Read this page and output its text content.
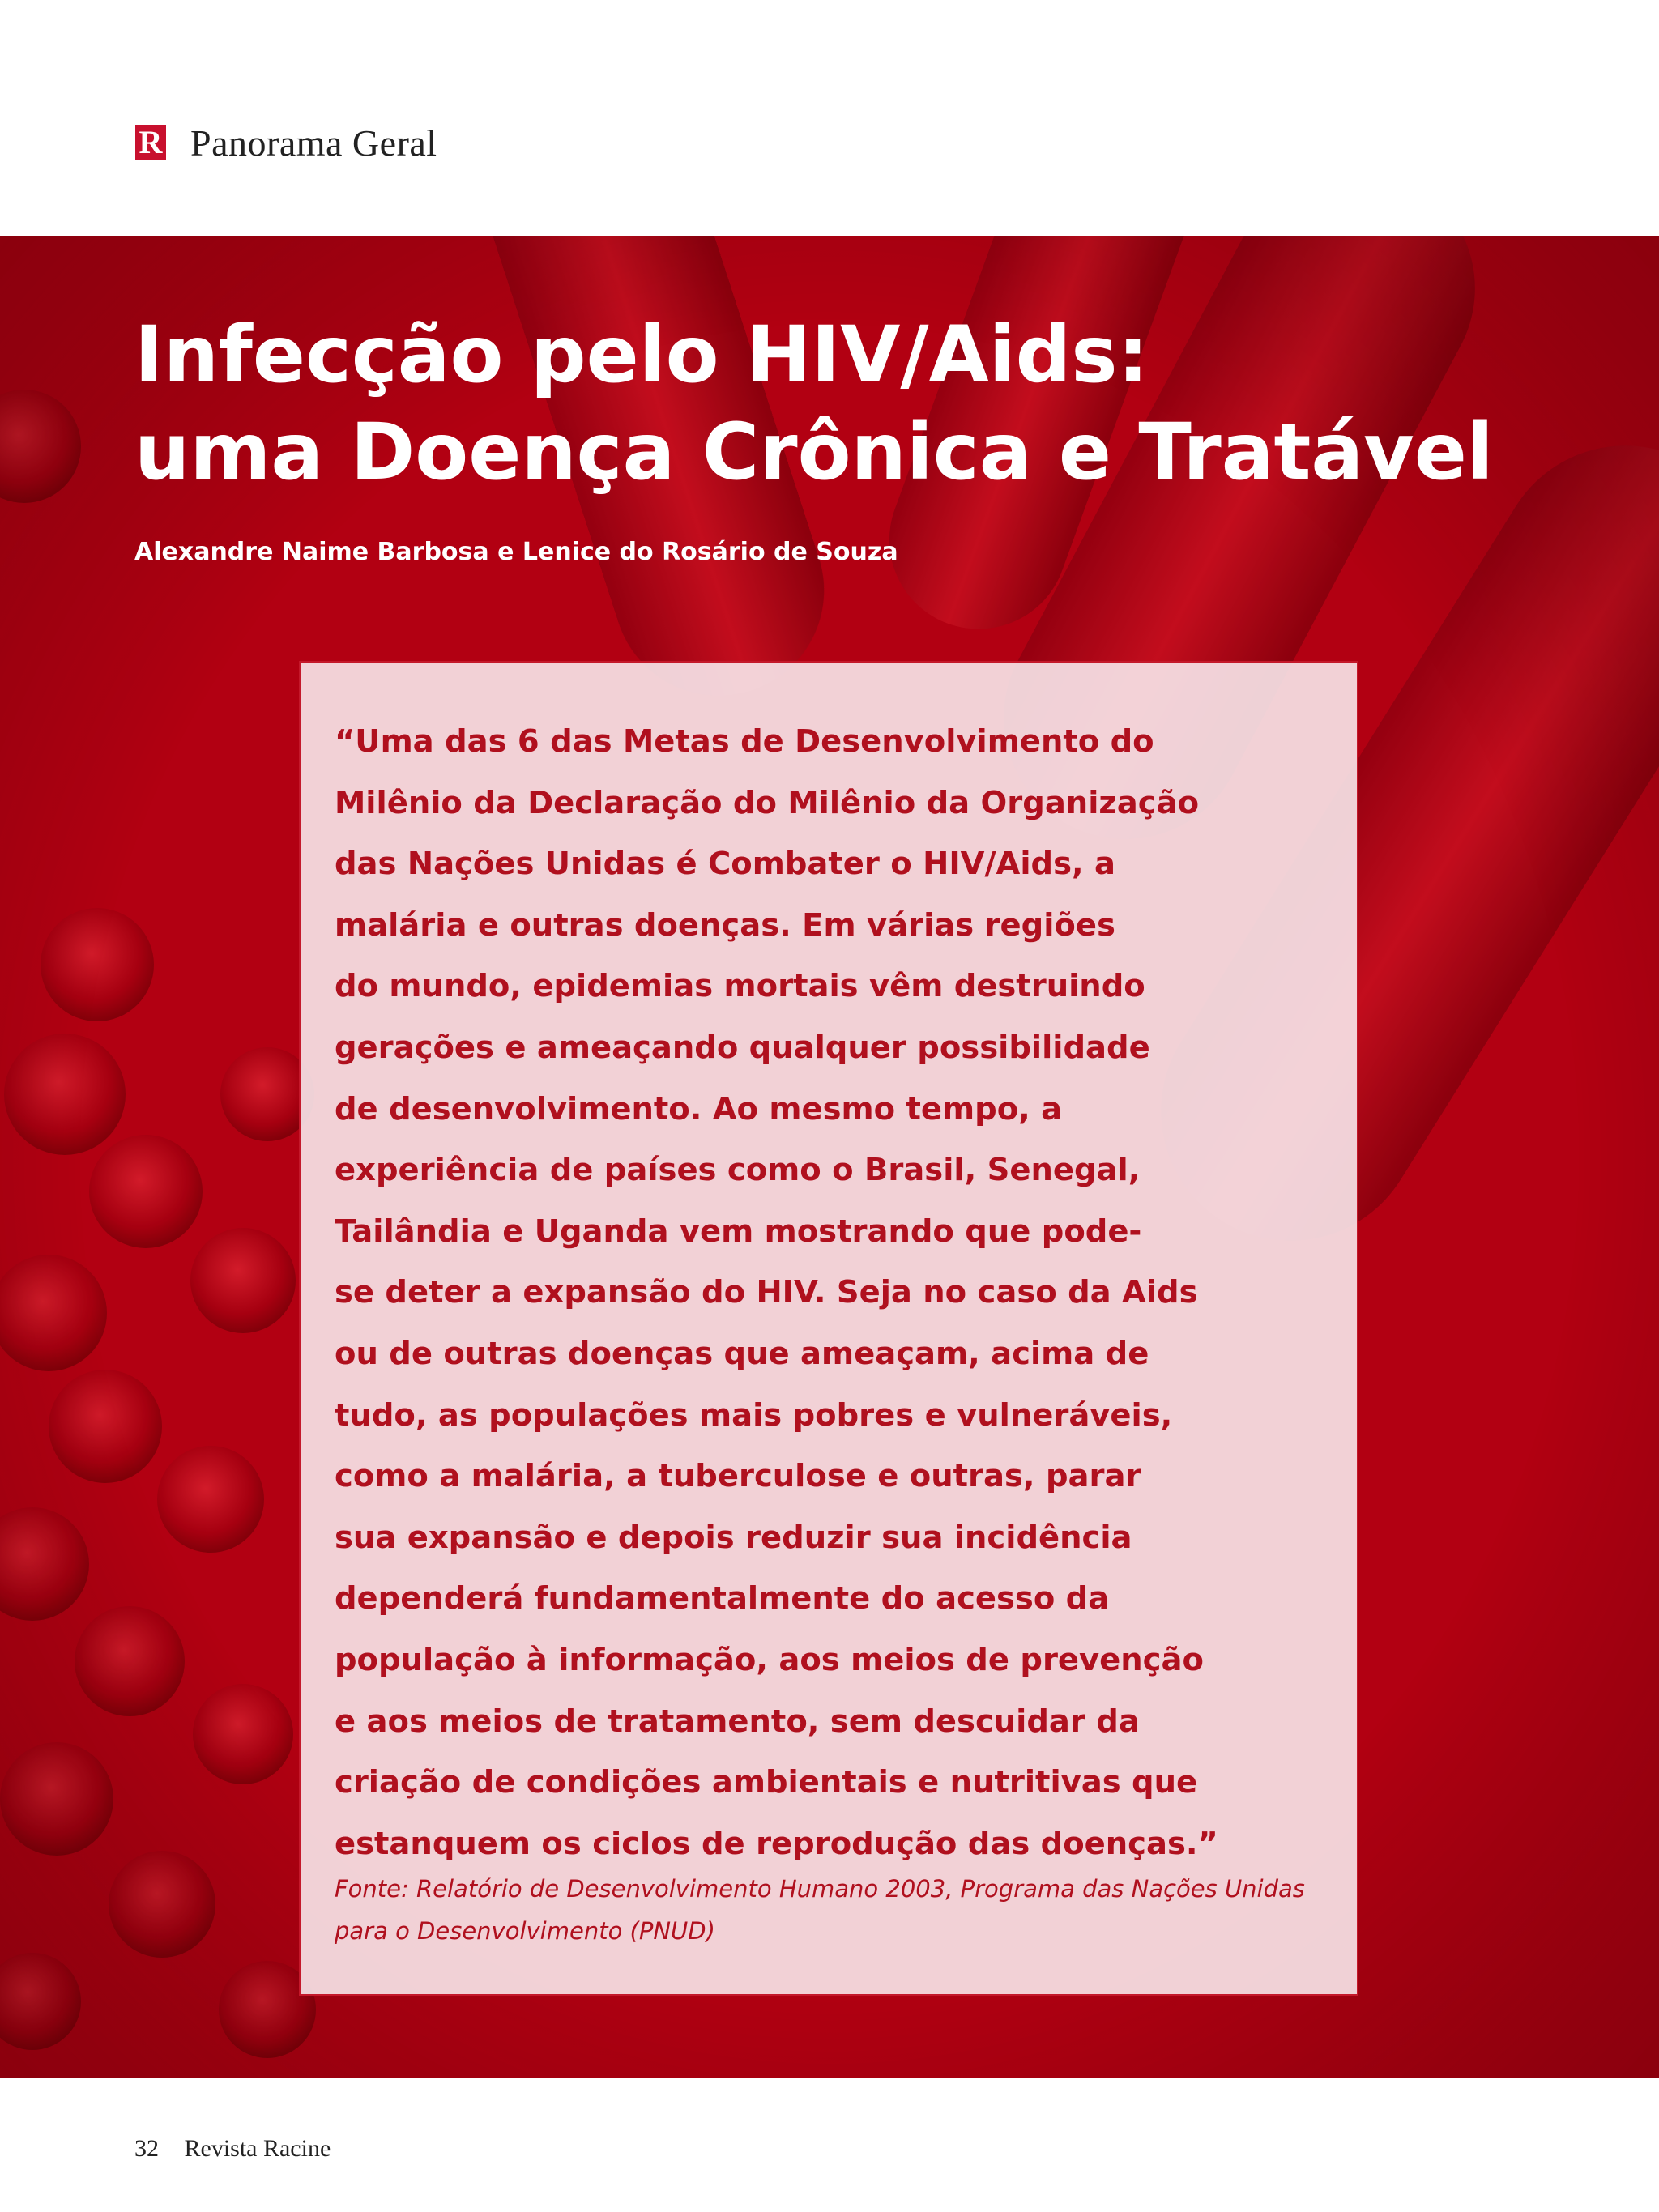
R Panorama Geral
Infecção pelo HIV/Aids:
uma Doença Crônica e Tratável
Alexandre Naime Barbosa e Lenice do Rosário de Souza

“Uma das 6 das Metas de Desenvolvimento do
Milênio da Declaração do Milênio da Organização
das Nações Unidas é Combater o HIV/Aids, a
malária e outras doenças. Em várias regiões
do mundo, epidemias mortais vêm destruindo
gerações e ameaçando qualquer possibilidade
de desenvolvimento. Ao mesmo tempo, a
experiência de países como o Brasil, Senegal,
Tailândia e Uganda vem mostrando que pode-
se deter a expansão do HIV. Seja no caso da Aids
ou de outras doenças que ameaçam, acima de
tudo, as populações mais pobres e vulneráveis,
como a malária, a tuberculose e outras, parar
sua expansão e depois reduzir sua incidência
dependerá fundamentalmente do acesso da
população à informação, aos meios de prevenção
e aos meios de tratamento, sem descuidar da
criação de condições ambientais e nutritivas que
estanquem os ciclos de reprodução das doenças.”

Fonte: Relatório de Desenvolvimento Humano 2003, Programa das Nações Unidas
para o Desenvolvimento (PNUD)

32 Revista Racine
